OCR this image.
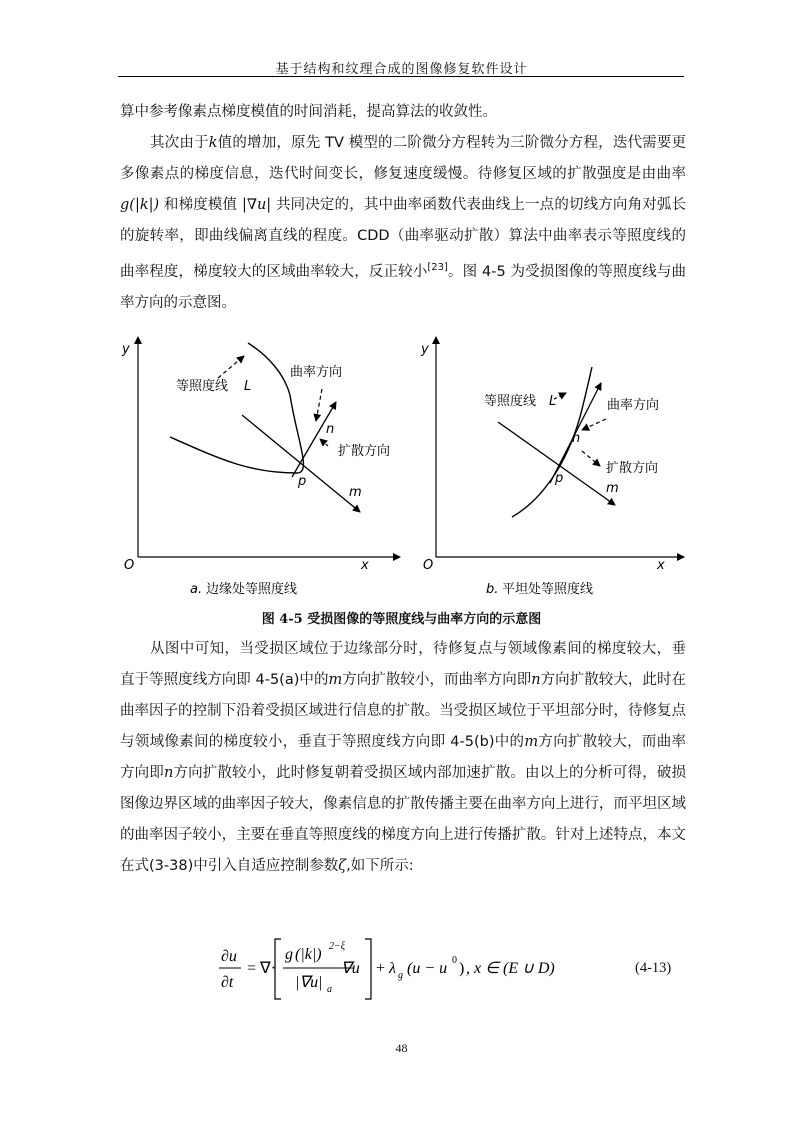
基于结构和纹理合成的图像修复软件设计

算中参考像素点梯度模值的时间消耗，提高算法的收敛性。

其次由于k值的增加，原先 TV 模型的二阶微分方程转为三阶微分方程，迭代需要更多像素点的梯度信息，迭代时间变长，修复速度缓慢。待修复区域的扩散强度是由曲率 g(|k|) 和梯度模值 |∇u| 共同决定的，其中曲率函数代表曲线上一点的切线方向角对弧长的旋转率，即曲线偏离直线的程度。CDD（曲率驱动扩散）算法中曲率表示等照度线的曲率程度，梯度较大的区域曲率较大，反正较小[23]。图 4-5 为受损图像的等照度线与曲率方向的示意图。

y
x
O
等照度线 L
曲率方向
n
扩散方向
p
m
a. 边缘处等照度线
y
x
O
等照度线 L	曲率方向
n
扩散方向
p
m
b. 平坦处等照度线
图 4-5 受损图像的等照度线与曲率方向的示意图

从图中可知，当受损区域位于边缘部分时，待修复点与领域像素间的梯度较大，垂直于等照度线方向即 4-5(a)中的m方向扩散较小，而曲率方向即n方向扩散较大，此时在曲率因子的控制下沿着受损区域进行信息的扩散。当受损区域位于平坦部分时，待修复点与领域像素间的梯度较小，垂直于等照度线方向即 4-5(b)中的m方向扩散较大，而曲率方向即n方向扩散较小，此时修复朝着受损区域内部加速扩散。由以上的分析可得，破损图像边界区域的曲率因子较大，像素信息的扩散传播主要在曲率方向上进行，而平坦区域的曲率因子较小，主要在垂直等照度线的梯度方向上进行传播扩散。针对上述特点，本文在式(3-38)中引入自适应控制参数ζ,如下所示:

∂u
∂t
= ∇·
g (|k|) 2−ξ
|∇u| a
∇u + λ g (u − u 0 ) , x ∈ (E ∪ D)	(4-13)
48
